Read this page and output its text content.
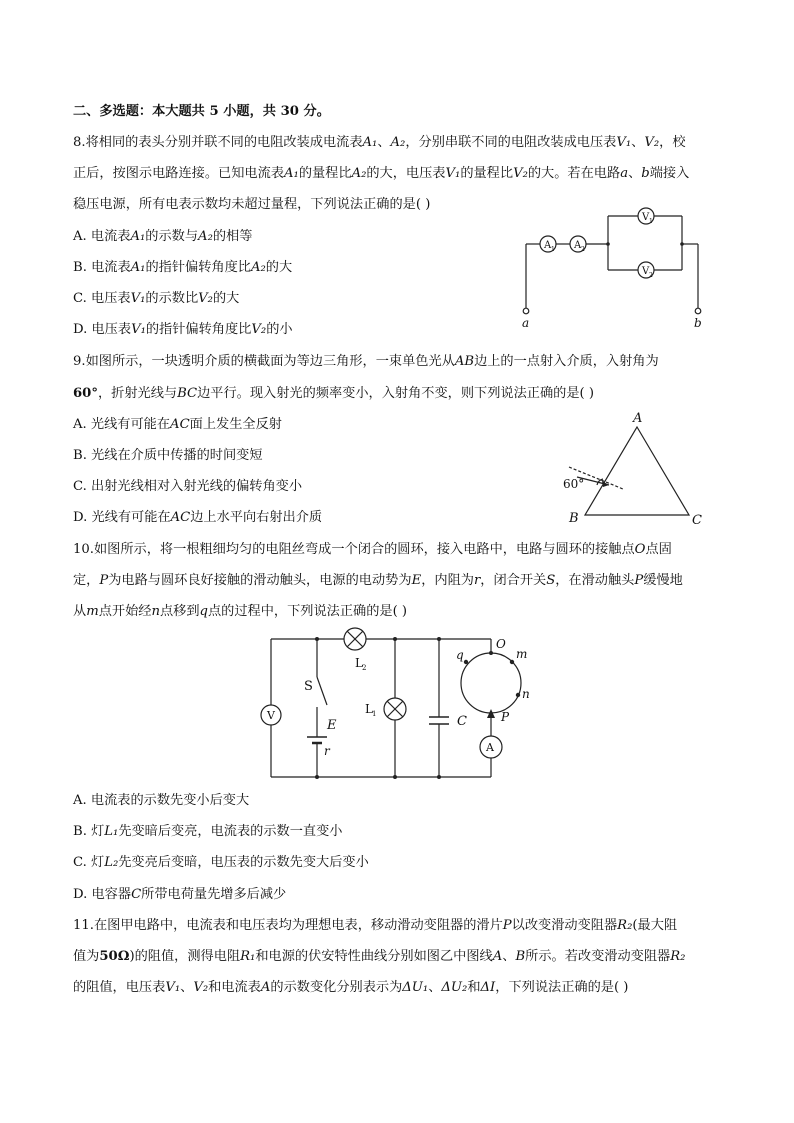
二、多选题：本大题共 5 小题，共 30 分。
8.将相同的表头分别并联不同的电阻改装成电流表A₁、A₂，分别串联不同的电阻改装成电压表V₁、V₂，校
正后，按图示电路连接。已知电流表A₁的量程比A₂的大，电压表V₁的量程比V₂的大。若在电路a、b端接入
稳压电源，所有电表示数均未超过量程，下列说法正确的是( )
A. 电流表A₁的示数与A₂的相等
B. 电流表A₁的指针偏转角度比A₂的大
C. 电压表V₁的示数比V₂的大
D. 电压表V₁的指针偏转角度比V₂的小
A 1 A 2
V 1
V 2
a	b
9.如图所示，一块透明介质的横截面为等边三角形，一束单色光从AB边上的一点射入介质，入射角为
60°，折射光线与BC边平行。现入射光的频率变小，入射角不变，则下列说法正确的是( )
A. 光线有可能在AC面上发生全反射
B. 光线在介质中传播的时间变短
C. 出射光线相对入射光线的偏转角变小
D. 光线有可能在AC边上水平向右射出介质
A
B	C
60°
10.如图所示，将一根粗细均匀的电阻丝弯成一个闭合的圆环，接入电路中，电路与圆环的接触点O点固
定，P为电路与圆环良好接触的滑动触头，电源的电动势为E，内阻为r，闭合开关S，在滑动触头P缓慢地
从m点开始经n点移到q点的过程中，下列说法正确的是( )
V
A
S
E
r
L 1
L 2
C
O
m
n
q
P
A. 电流表的示数先变小后变大
B. 灯L₁先变暗后变亮，电流表的示数一直变小
C. 灯L₂先变亮后变暗，电压表的示数先变大后变小
D. 电容器C所带电荷量先增多后减少
11.在图甲电路中，电流表和电压表均为理想电表，移动滑动变阻器的滑片P以改变滑动变阻器R₂(最大阻
值为50Ω)的阻值，测得电阻R₁和电源的伏安特性曲线分别如图乙中图线A、B所示。若改变滑动变阻器R₂
的阻值，电压表V₁、V₂和电流表A的示数变化分别表示为ΔU₁、ΔU₂和ΔI，下列说法正确的是( )
